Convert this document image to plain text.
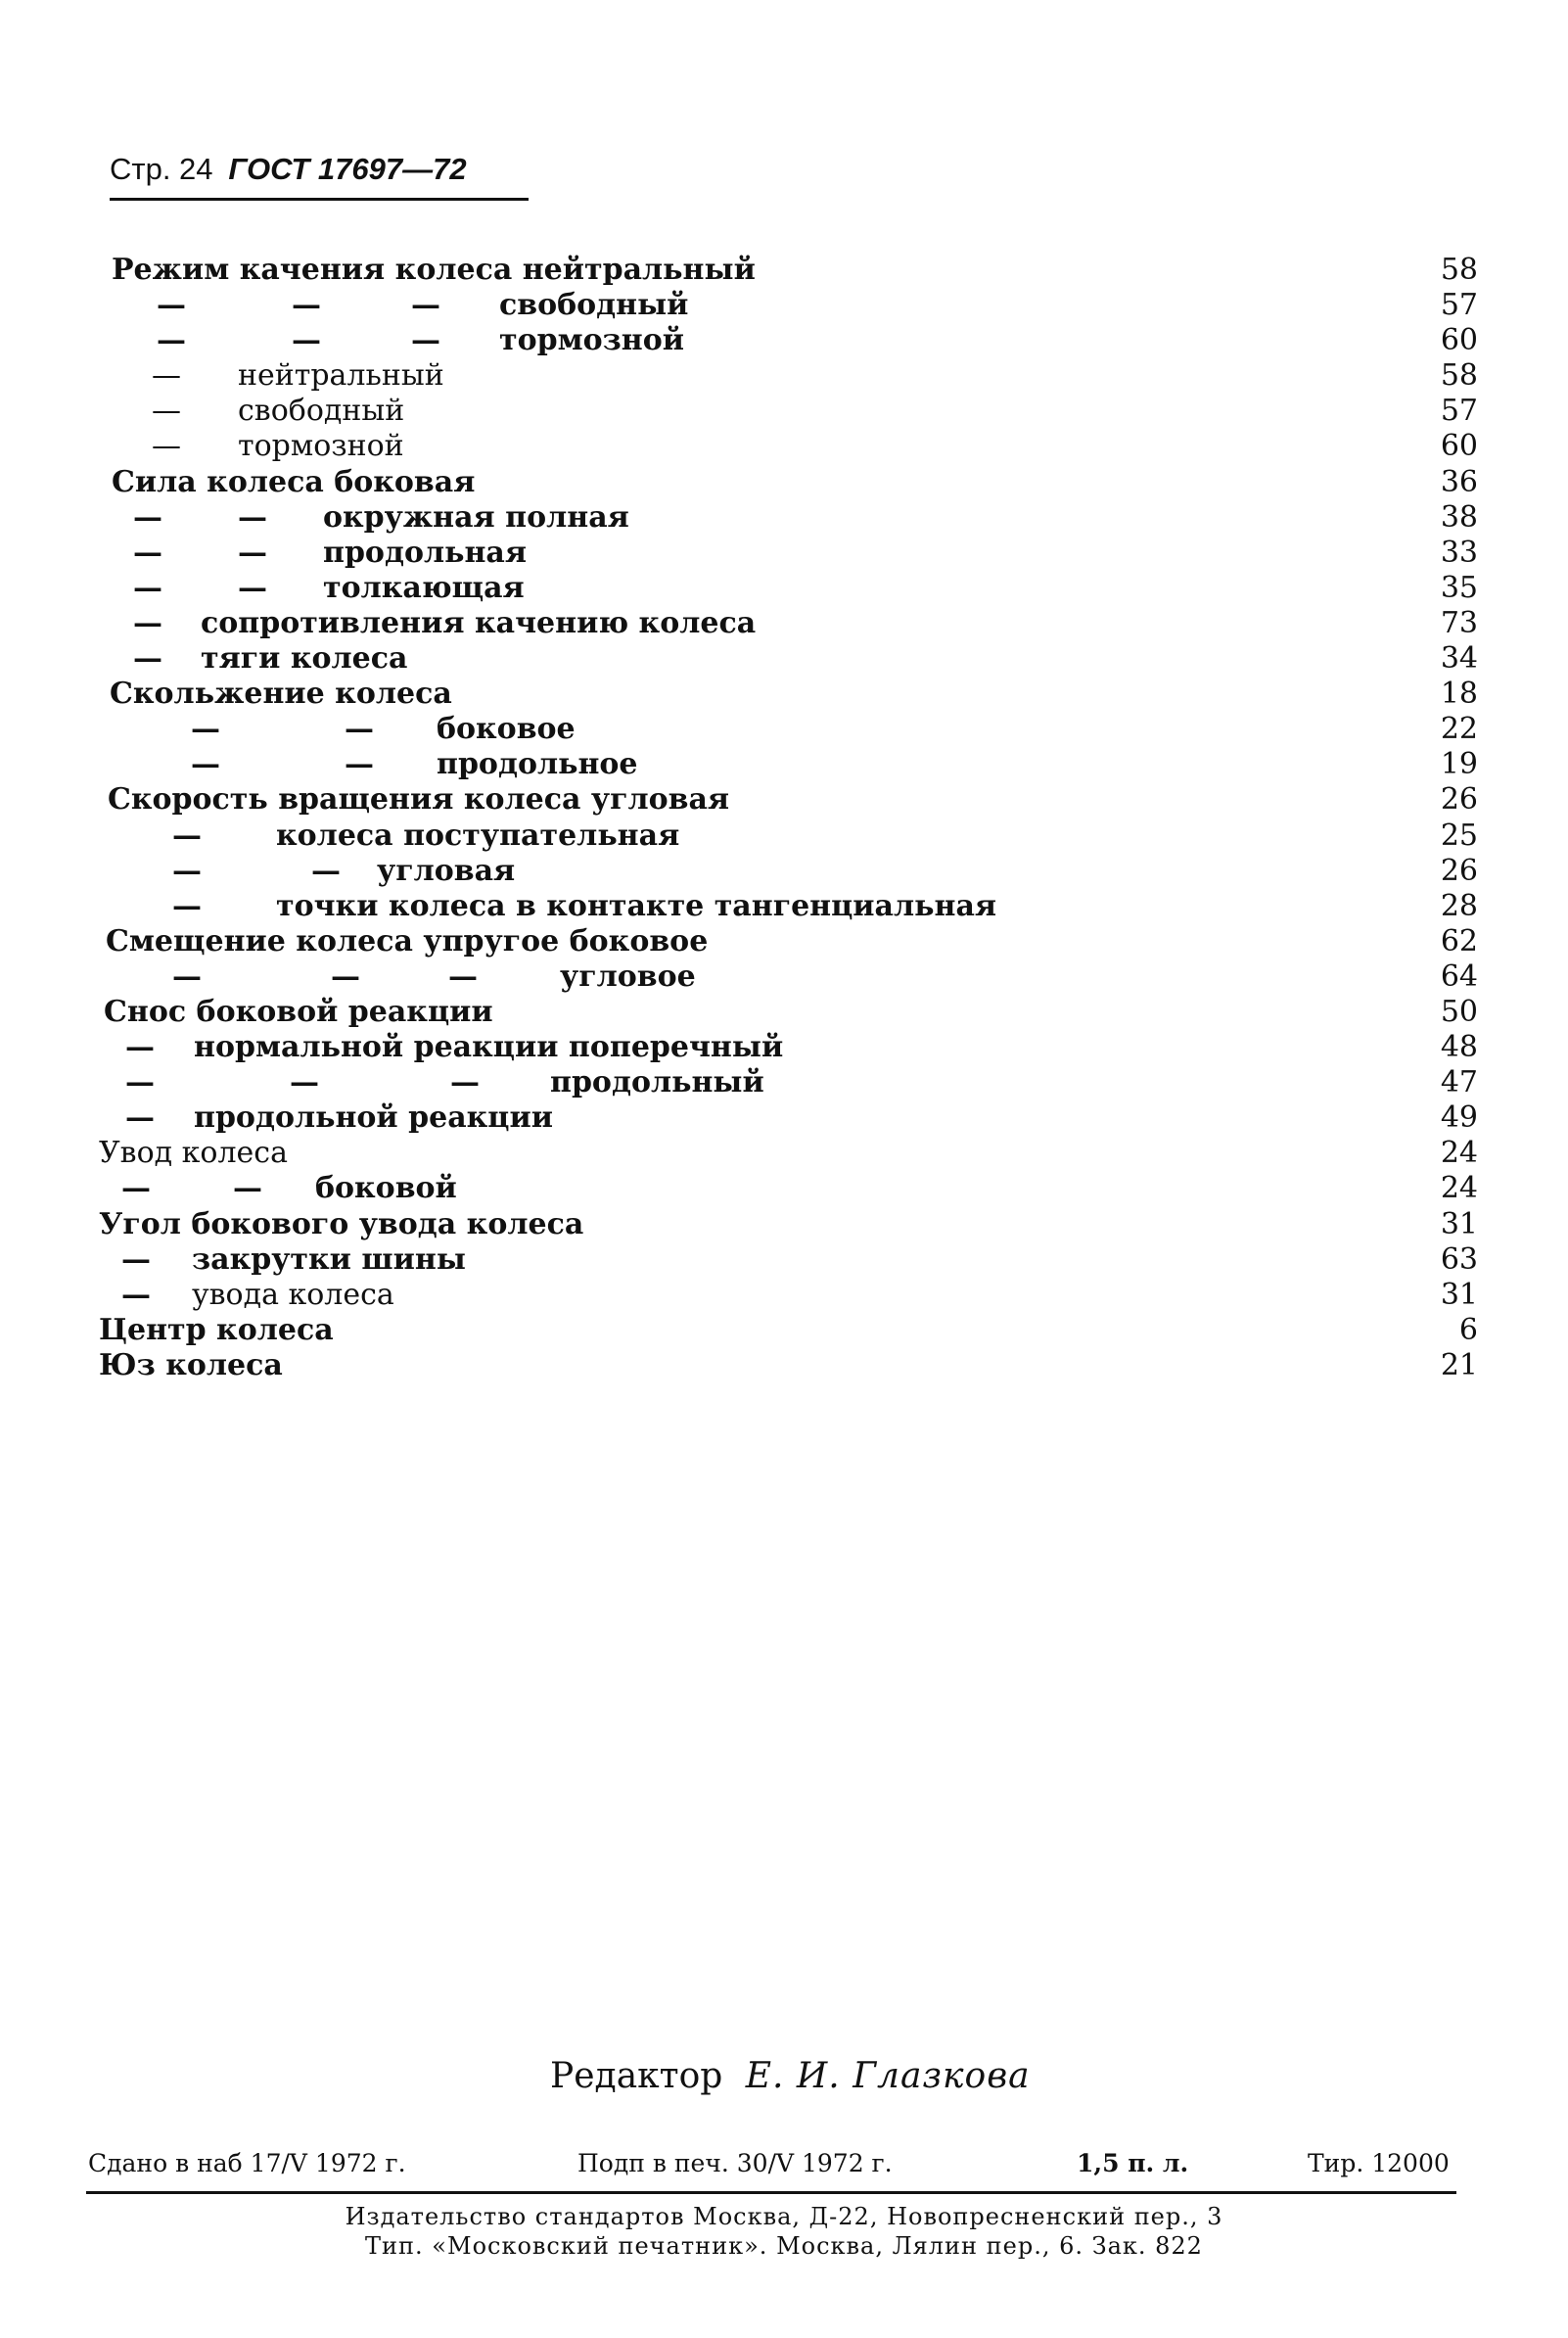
Стр. 24 ГОСТ 17697—72
Режим качения колеса нейтральный	58
—	—	— свободный	57
—	—	— тормозной	60
— нейтральный	58
— свободный	57
— тормозной	60
Сила колеса боковая	36
—	— окружная полная	38
—	— продольная	33
—	— толкающая	35
— сопротивления качению колеса	73
— тяги колеса	34
Скольжение колеса	18
—	— боковое	22
—	— продольное	19
Скорость вращения колеса угловая	26
—	колеса поступательная	25
—	— угловая	26
—	точки колеса в контакте тангенциальная	28
Смещение колеса упругое боковое	62
—	—	—	угловое	64
Снос боковой реакции	50
— нормальной реакции поперечный	48
—	—	— продольный	47
— продольной реакции	49
Увод колеса	24
—	— боковой	24
Угол бокового увода колеса	31
— закрутки шины	63
— увода колеса	31
Центр колеса	6
Юз колеса	21
Редактор Е. И. Глазкова
Сдано в наб 17/V 1972 г.	Подп в печ. 30/V 1972 г.	1,5 п. л.	Тир. 12000
Издательство стандартов Москва, Д-22, Новопресненский пер., 3
Тип. «Московский печатник». Москва, Лялин пер., 6. Зак. 822
